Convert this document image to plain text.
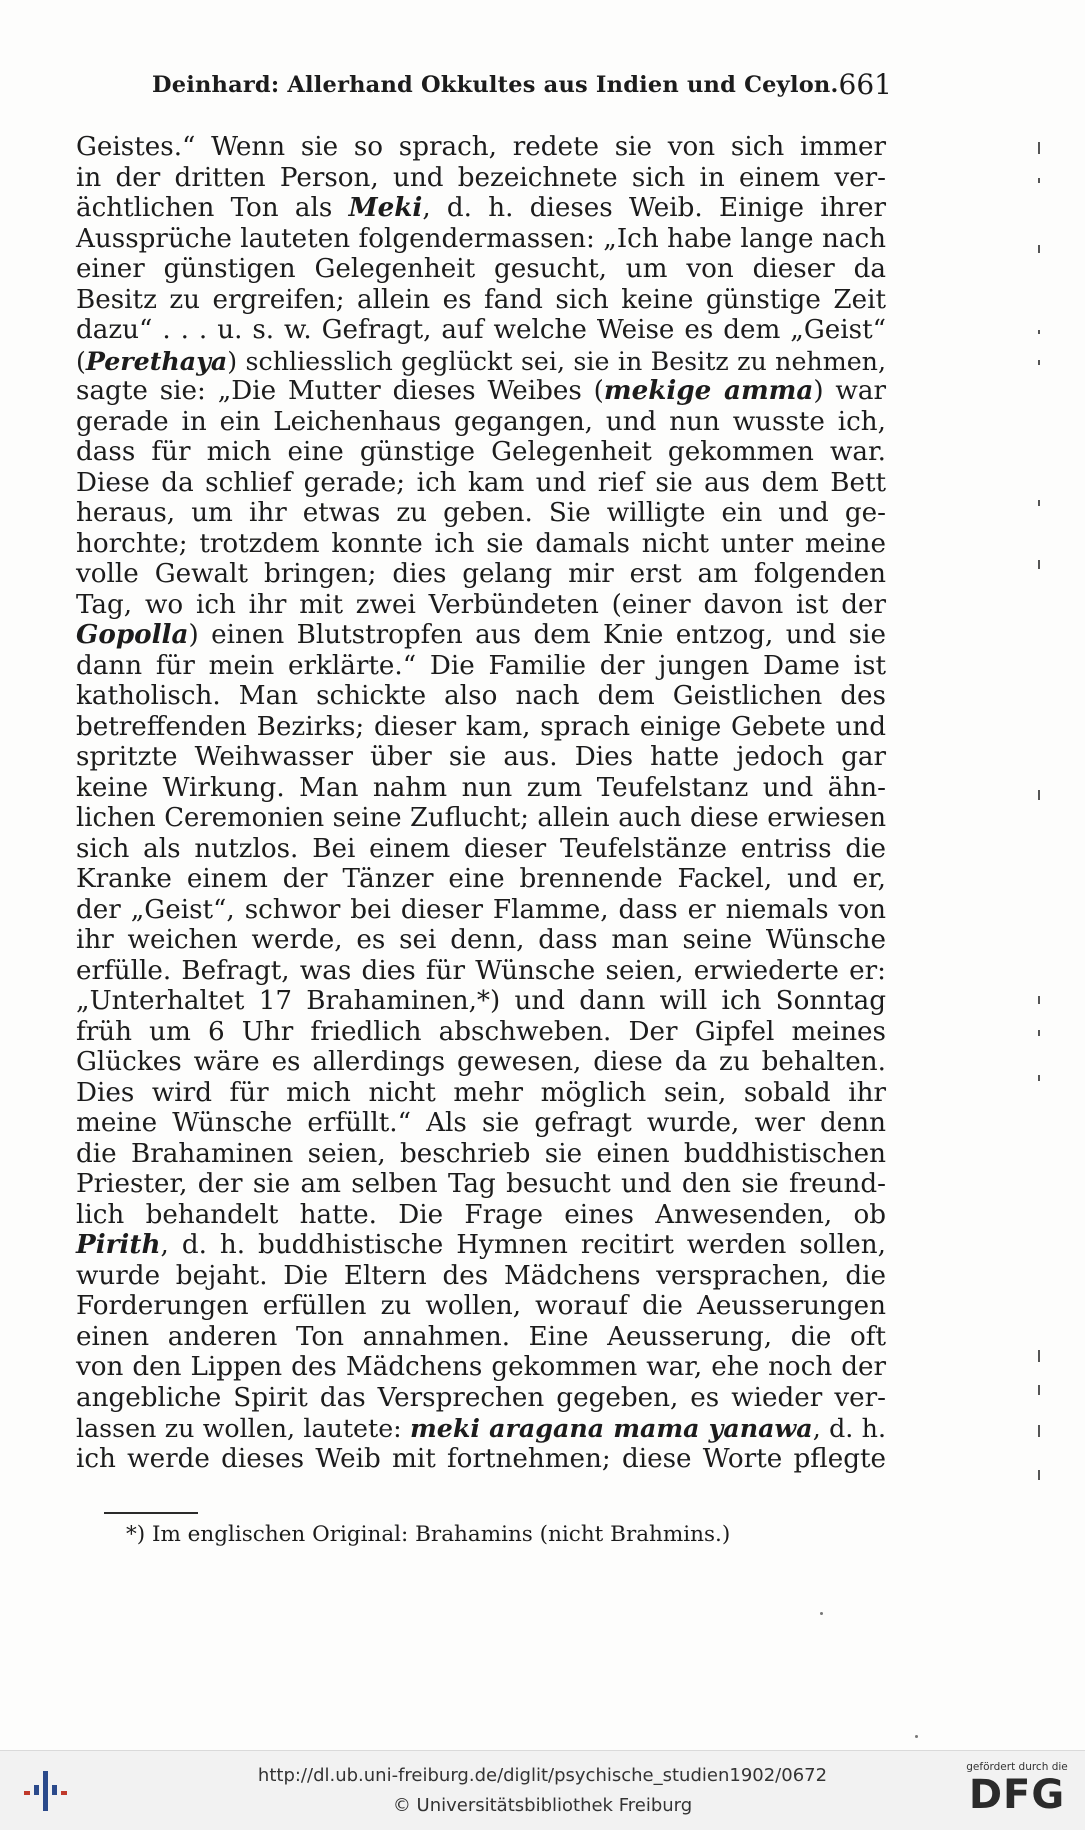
Deinhard: Allerhand Okkultes aus Indien und Ceylon. 661
Geistes.“ Wenn sie so sprach, redete sie von sich immer
in der dritten Person, und bezeichnete sich in einem ver-
ächtlichen Ton als Meki, d. h. dieses Weib. Einige ihrer
Aussprüche lauteten folgendermassen: „Ich habe lange nach
einer günstigen Gelegenheit gesucht, um von dieser da
Besitz zu ergreifen; allein es fand sich keine günstige Zeit
dazu“ . . . u. s. w. Gefragt, auf welche Weise es dem „Geist“
(Perethaya) schliesslich geglückt sei, sie in Besitz zu nehmen,
sagte sie: „Die Mutter dieses Weibes (mekige amma) war
gerade in ein Leichenhaus gegangen, und nun wusste ich,
dass für mich eine günstige Gelegenheit gekommen war.
Diese da schlief gerade; ich kam und rief sie aus dem Bett
heraus, um ihr etwas zu geben. Sie willigte ein und ge-
horchte; trotzdem konnte ich sie damals nicht unter meine
volle Gewalt bringen; dies gelang mir erst am folgenden
Tag, wo ich ihr mit zwei Verbündeten (einer davon ist der
Gopolla) einen Blutstropfen aus dem Knie entzog, und sie
dann für mein erklärte.“ Die Familie der jungen Dame ist
katholisch. Man schickte also nach dem Geistlichen des
betreffenden Bezirks; dieser kam, sprach einige Gebete und
spritzte Weihwasser über sie aus. Dies hatte jedoch gar
keine Wirkung. Man nahm nun zum Teufelstanz und ähn-
lichen Ceremonien seine Zuflucht; allein auch diese erwiesen
sich als nutzlos. Bei einem dieser Teufelstänze entriss die
Kranke einem der Tänzer eine brennende Fackel, und er,
der „Geist“, schwor bei dieser Flamme, dass er niemals von
ihr weichen werde, es sei denn, dass man seine Wünsche
erfülle. Befragt, was dies für Wünsche seien, erwiederte er:
„Unterhaltet 17 Brahaminen,*) und dann will ich Sonntag
früh um 6 Uhr friedlich abschweben. Der Gipfel meines
Glückes wäre es allerdings gewesen, diese da zu behalten.
Dies wird für mich nicht mehr möglich sein, sobald ihr
meine Wünsche erfüllt.“ Als sie gefragt wurde, wer denn
die Brahaminen seien, beschrieb sie einen buddhistischen
Priester, der sie am selben Tag besucht und den sie freund-
lich behandelt hatte. Die Frage eines Anwesenden, ob
Pirith, d. h. buddhistische Hymnen recitirt werden sollen,
wurde bejaht. Die Eltern des Mädchens versprachen, die
Forderungen erfüllen zu wollen, worauf die Aeusserungen
einen anderen Ton annahmen. Eine Aeusserung, die oft
von den Lippen des Mädchens gekommen war, ehe noch der
angebliche Spirit das Versprechen gegeben, es wieder ver-
lassen zu wollen, lautete: meki aragana mama yanawa, d. h.
ich werde dieses Weib mit fortnehmen; diese Worte pflegte
*) Im englischen Original: Brahamins (nicht Brahmins.)
http://dl.ub.uni-freiburg.de/diglit/psychische_studien1902/0672
© Universitätsbibliothek Freiburg
gefördert durch die
DFG
